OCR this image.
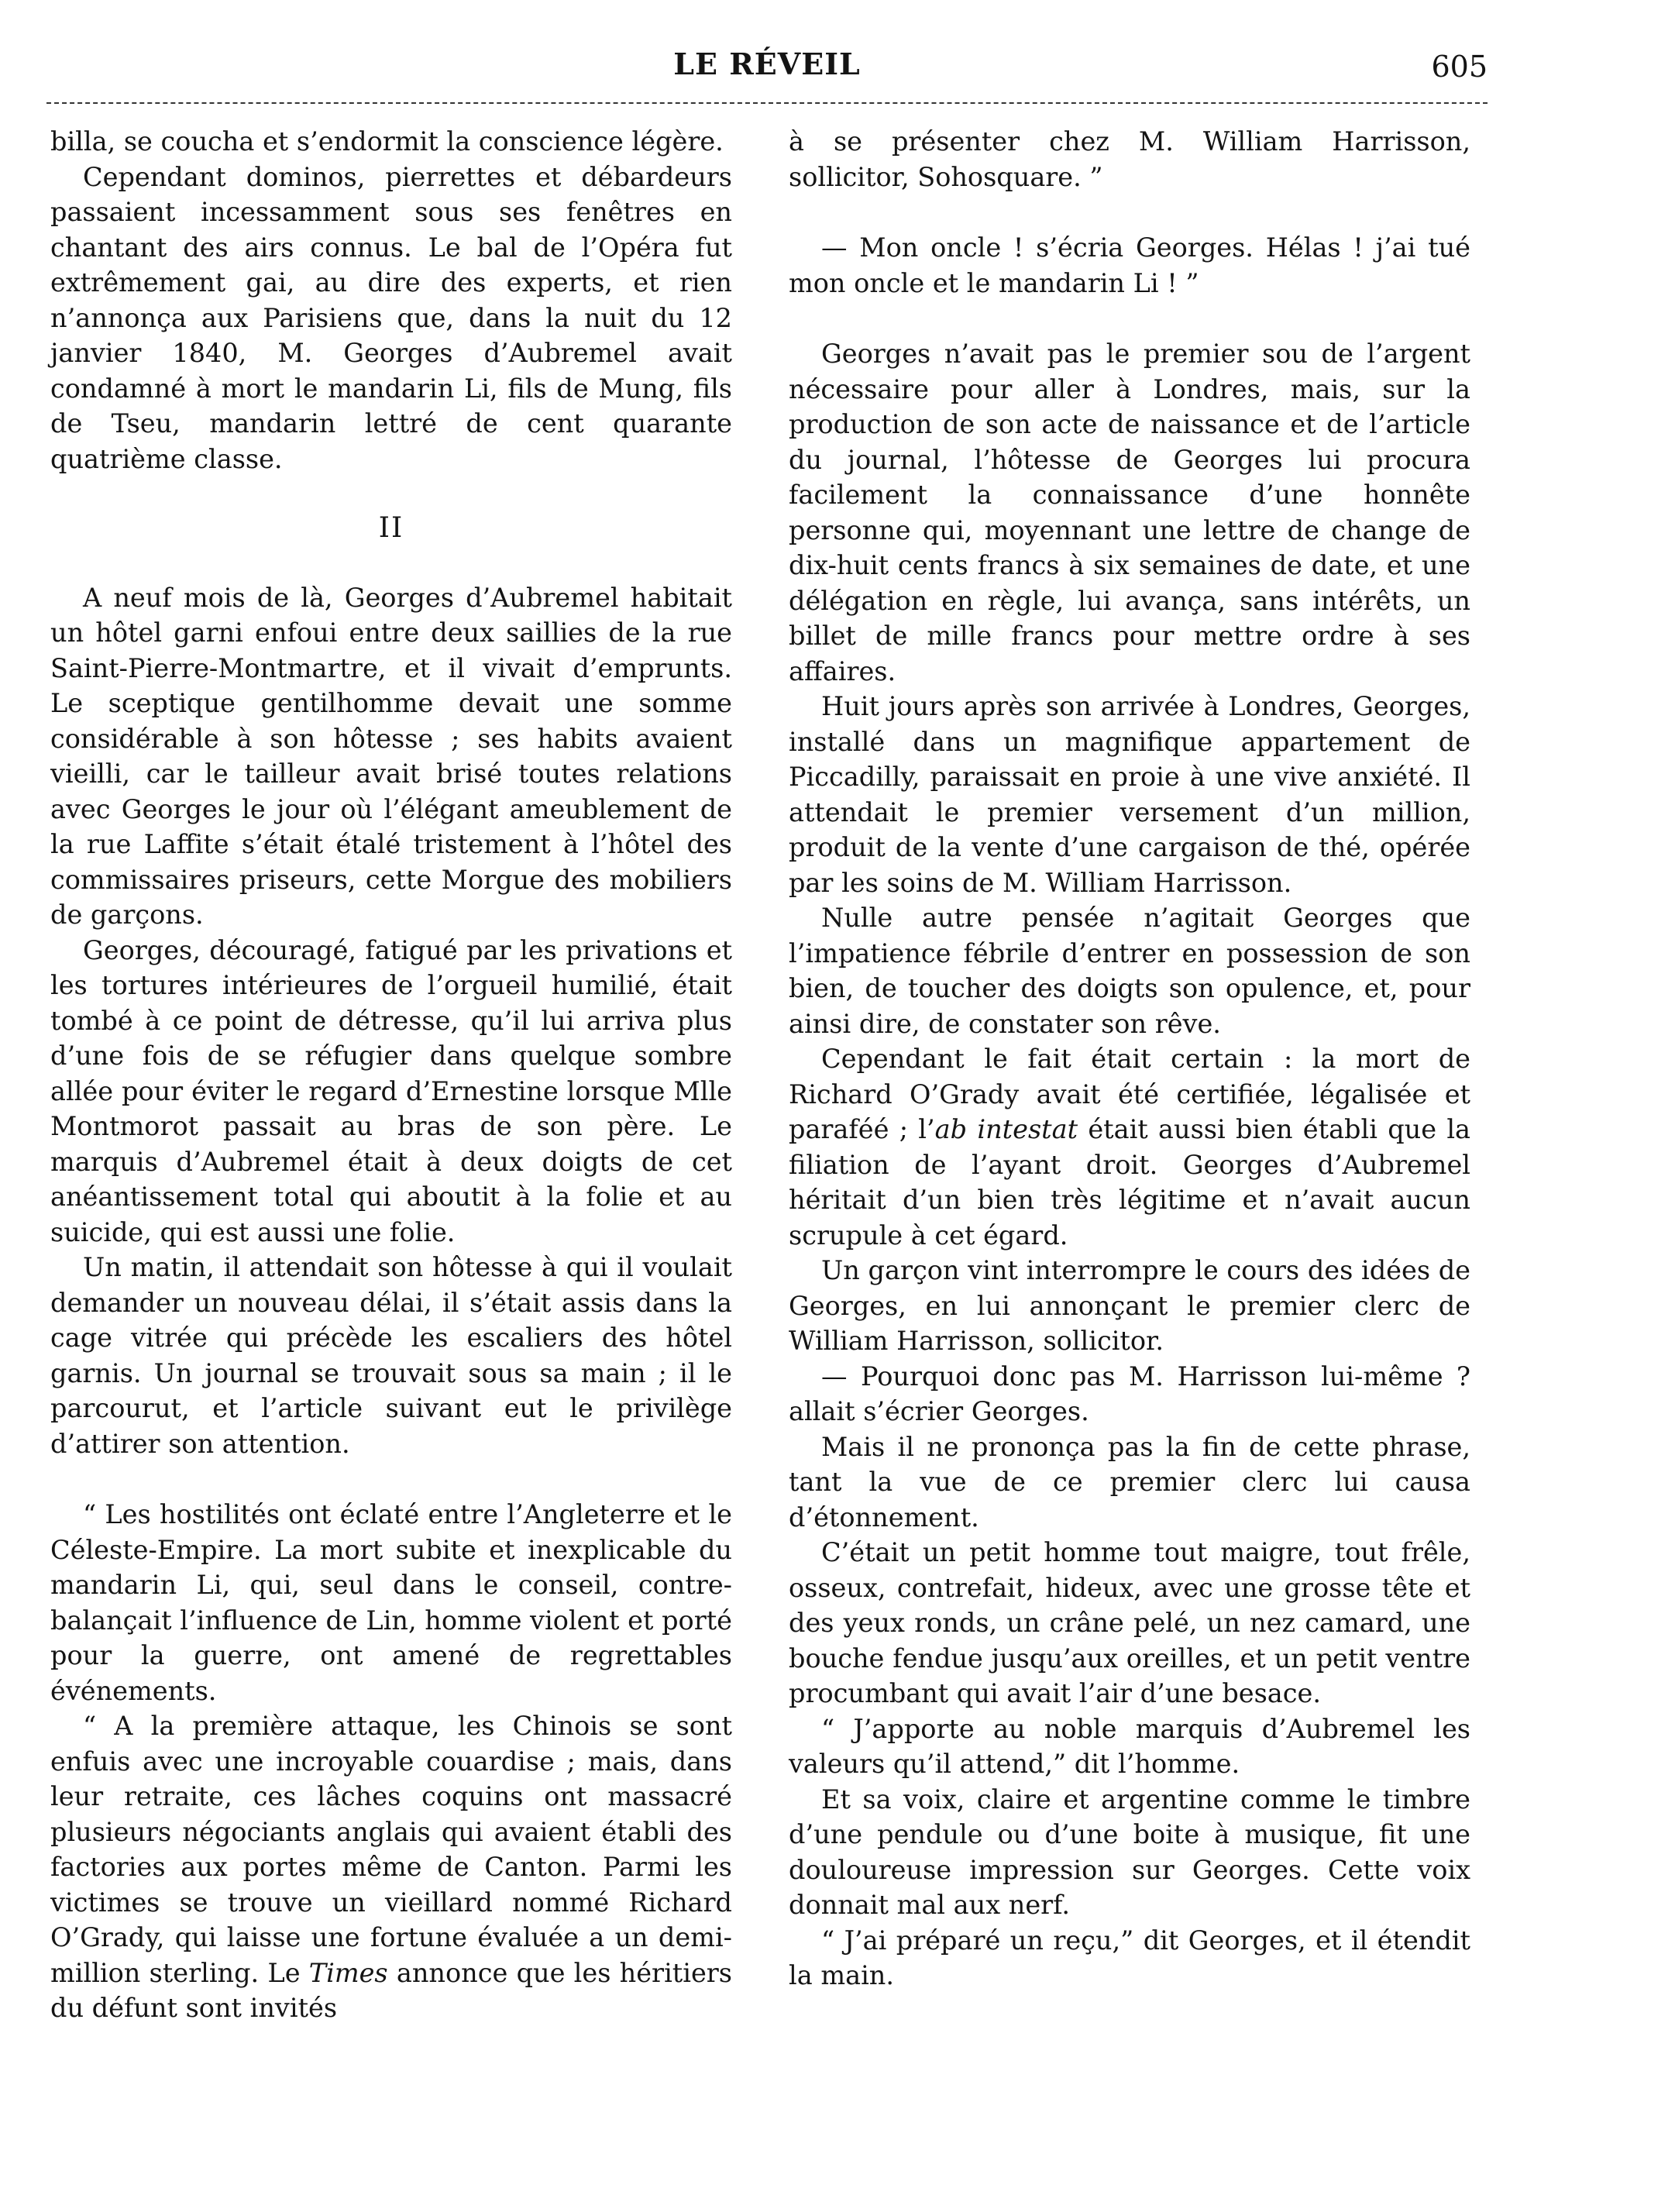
LE RÉVEIL	605

billa, se coucha et s’endormit la conscience légère.

Cependant dominos, pierrettes et débardeurs passaient incessamment sous ses fenêtres en chantant des airs connus. Le bal de l’Opéra fut extrêmement gai, au dire des experts, et rien n’annonça aux Parisiens que, dans la nuit du 12 janvier 1840, M. Georges d’Aubremel avait condamné à mort le mandarin Li, fils de Mung, fils de Tseu, mandarin lettré de cent quarante quatrième classe.

II

A neuf mois de là, Georges d’Aubremel habitait un hôtel garni enfoui entre deux saillies de la rue Saint-Pierre-Montmartre, et il vivait d’emprunts. Le sceptique gentilhomme devait une somme considérable à son hôtesse ; ses habits avaient vieilli, car le tailleur avait brisé toutes relations avec Georges le jour où l’élégant ameublement de la rue Laffite s’était étalé tristement à l’hôtel des commissaires priseurs, cette Morgue des mobiliers de garçons.

Georges, découragé, fatigué par les privations et les tortures intérieures de l’orgueil humilié, était tombé à ce point de détresse, qu’il lui arriva plus d’une fois de se réfugier dans quelque sombre allée pour éviter le regard d’Ernestine lorsque Mlle Montmorot passait au bras de son père. Le marquis d’Aubremel était à deux doigts de cet anéantissement total qui aboutit à la folie et au suicide, qui est aussi une folie.

Un matin, il attendait son hôtesse à qui il voulait demander un nouveau délai, il s’était assis dans la cage vitrée qui précède les escaliers des hôtel garnis. Un journal se trouvait sous sa main ; il le parcourut, et l’article suivant eut le privilège d’attirer son attention.

“ Les hostilités ont éclaté entre l’Angleterre et le Céleste-Empire. La mort subite et inexplicable du mandarin Li, qui, seul dans le conseil, contre-balançait l’influence de Lin, homme violent et porté pour la guerre, ont amené de regrettables événements.

“ A la première attaque, les Chinois se sont enfuis avec une incroyable couardise ; mais, dans leur retraite, ces lâches coquins ont massacré plusieurs négociants anglais qui avaient établi des factories aux portes même de Canton. Parmi les victimes se trouve un vieillard nommé Richard O’Grady, qui laisse une fortune évaluée a un demi-million sterling. Le Times annonce que les héritiers du défunt sont invités

à se présenter chez M. William Harrisson, sollicitor, Sohosquare. ”

— Mon oncle ! s’écria Georges. Hélas ! j’ai tué mon oncle et le mandarin Li ! ”

Georges n’avait pas le premier sou de l’argent nécessaire pour aller à Londres, mais, sur la production de son acte de naissance et de l’article du journal, l’hôtesse de Georges lui procura facilement la connaissance d’une honnête personne qui, moyennant une lettre de change de dix-huit cents francs à six semaines de date, et une délégation en règle, lui avança, sans intérêts, un billet de mille francs pour mettre ordre à ses affaires.

Huit jours après son arrivée à Londres, Georges, installé dans un magnifique appartement de Piccadilly, paraissait en proie à une vive anxiété. Il attendait le premier versement d’un million, produit de la vente d’une cargaison de thé, opérée par les soins de M. William Harrisson.

Nulle autre pensée n’agitait Georges que l’impatience fébrile d’entrer en possession de son bien, de toucher des doigts son opulence, et, pour ainsi dire, de constater son rêve.

Cependant le fait était certain : la mort de Richard O’Grady avait été certifiée, légalisée et paraféé ; l’ab intestat était aussi bien établi que la filiation de l’ayant droit. Georges d’Aubremel héritait d’un bien très légitime et n’avait aucun scrupule à cet égard.

Un garçon vint interrompre le cours des idées de Georges, en lui annonçant le premier clerc de William Harrisson, sollicitor.

— Pourquoi donc pas M. Harrisson lui-même ? allait s’écrier Georges.

Mais il ne prononça pas la fin de cette phrase, tant la vue de ce premier clerc lui causa d’étonnement.

C’était un petit homme tout maigre, tout frêle, osseux, contrefait, hideux, avec une grosse tête et des yeux ronds, un crâne pelé, un nez camard, une bouche fendue jusqu’aux oreilles, et un petit ventre procumbant qui avait l’air d’une besace.

“ J’apporte au noble marquis d’Aubremel les valeurs qu’il attend,” dit l’homme.

Et sa voix, claire et argentine comme le timbre d’une pendule ou d’une boite à musique, fit une douloureuse impression sur Georges. Cette voix donnait mal aux nerf.

“ J’ai préparé un reçu,” dit Georges, et il étendit la main.
